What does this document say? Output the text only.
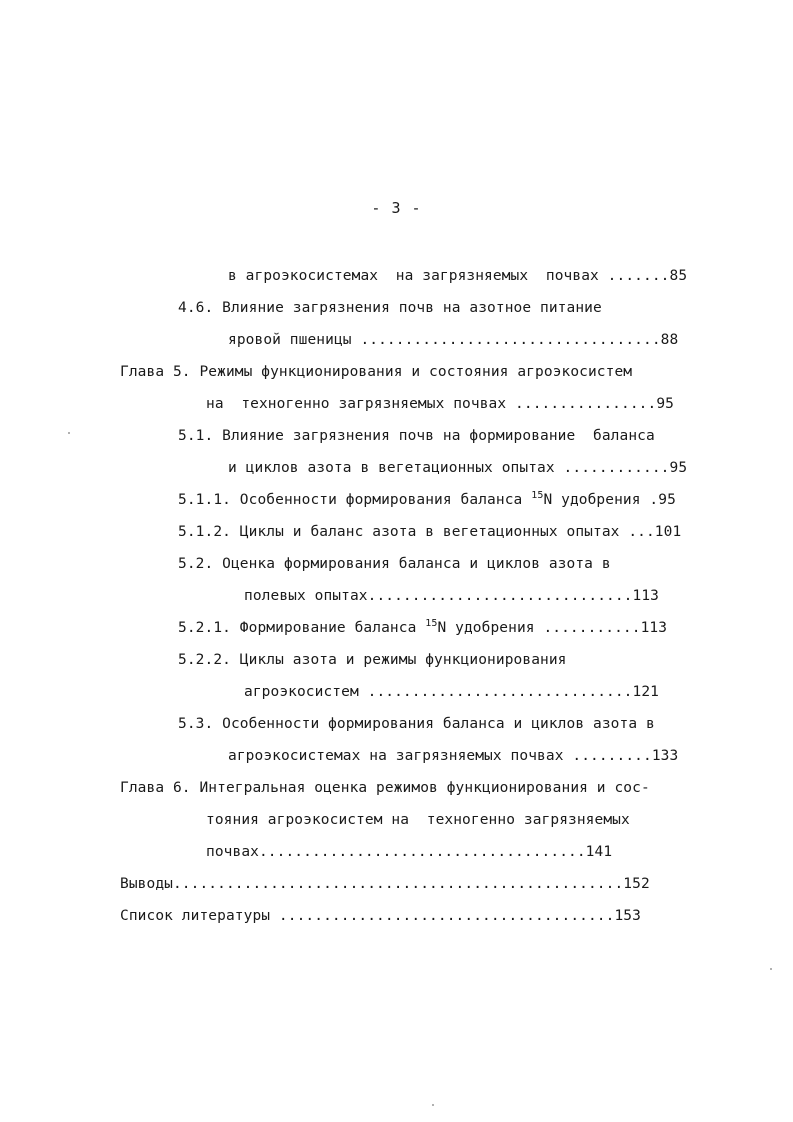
- 3 -
в агроэкосистемах  на загрязняемых  почвах .......85
4.6. Влияние загрязнения почв на азотное питание
яровой пшеницы ..................................88
Глава 5. Режимы функционирования и состояния агроэкосистем
на  техногенно загрязняемых почвах ................95
5.1. Влияние загрязнения почв на формирование  баланса
и циклов азота в вегетационных опытах ............95
5.1.1. Особенности формирования баланса $^{15}$N удобрения .95
5.1.2. Циклы и баланс азота в вегетационных опытах ...101
5.2. Оценка формирования баланса и циклов азота в
полевых опытах..............................113
5.2.1. Формирование баланса $^{15}$N удобрения ...........113
5.2.2. Циклы азота и режимы функционирования
агроэкосистем ..............................121
5.3. Особенности формирования баланса и циклов азота в
агроэкосистемах на загрязняемых почвах .........133
Глава 6. Интегральная оценка режимов функционирования и сос-
тояния агроэкосистем на  техногенно загрязняемых
почвах.....................................141
Выводы...................................................152
Список литературы ......................................153
